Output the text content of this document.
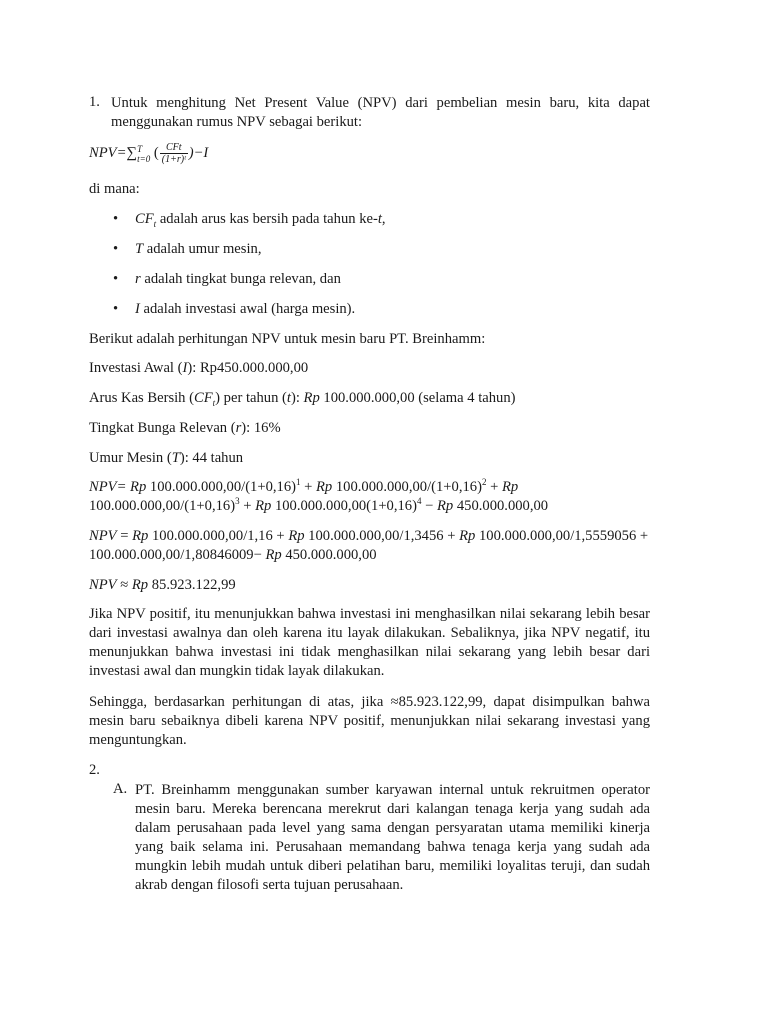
1. Untuk menghitung Net Present Value (NPV) dari pembelian mesin baru, kita dapat menggunakan rumus NPV sebagai berikut:

NPV=∑ T
t=0 ( $\frac{\text{CFt}}{\text{(1+r)ᵗ}} )-I$

di mana:

• $CF_t$ adalah arus kas bersih pada tahun ke-t,
• T adalah umur mesin,
• r adalah tingkat bunga relevan, dan
• I adalah investasi awal (harga mesin).

Berikut adalah perhitungan NPV untuk mesin baru PT. Breinhamm:

Investasi Awal (I): Rp450.000.000,00

Arus Kas Bersih $(CF_t)$ per tahun (t): Rp 100.000.000,00 (selama 4 tahun)

Tingkat Bunga Relevan (r): 16%

Umur Mesin (T): 44 tahun

NPV= Rp $100.000.000,00/(1+0,16)^1 + Rp$ $100.000.000,00/(1+0,16)^2 + Rp$

$100.000.000,00/(1+0,16)^3 + Rp$ $100.000.000,00(1+0,16)^4 - Rp$ 450.000.000,00

NPV = Rp 100.000.000,00/1,16 + Rp 100.000.000,00/1,3456 + Rp 100.000.000,00/1,5559056 +

100.000.000,00/1,80846009− Rp 450.000.000,00

NPV ≈ Rp 85.923.122,99

Jika NPV positif, itu menunjukkan bahwa investasi ini menghasilkan nilai sekarang lebih besar dari investasi awalnya dan oleh karena itu layak dilakukan. Sebaliknya, jika NPV negatif, itu menunjukkan bahwa investasi ini tidak menghasilkan nilai sekarang yang lebih besar dari investasi awal dan mungkin tidak layak dilakukan.

Sehingga, berdasarkan perhitungan di atas, jika ≈85.923.122,99, dapat disimpulkan bahwa mesin baru sebaiknya dibeli karena NPV positif, menunjukkan nilai sekarang investasi yang menguntungkan.

2.
A. PT. Breinhamm menggunakan sumber karyawan internal untuk rekruitmen operator mesin baru. Mereka berencana merekrut dari kalangan tenaga kerja yang sudah ada dalam perusahaan pada level yang sama dengan persyaratan utama memiliki kinerja yang baik selama ini. Perusahaan memandang bahwa tenaga kerja yang sudah ada mungkin lebih mudah untuk diberi pelatihan baru, memiliki loyalitas teruji, dan sudah akrab dengan filosofi serta tujuan perusahaan.
